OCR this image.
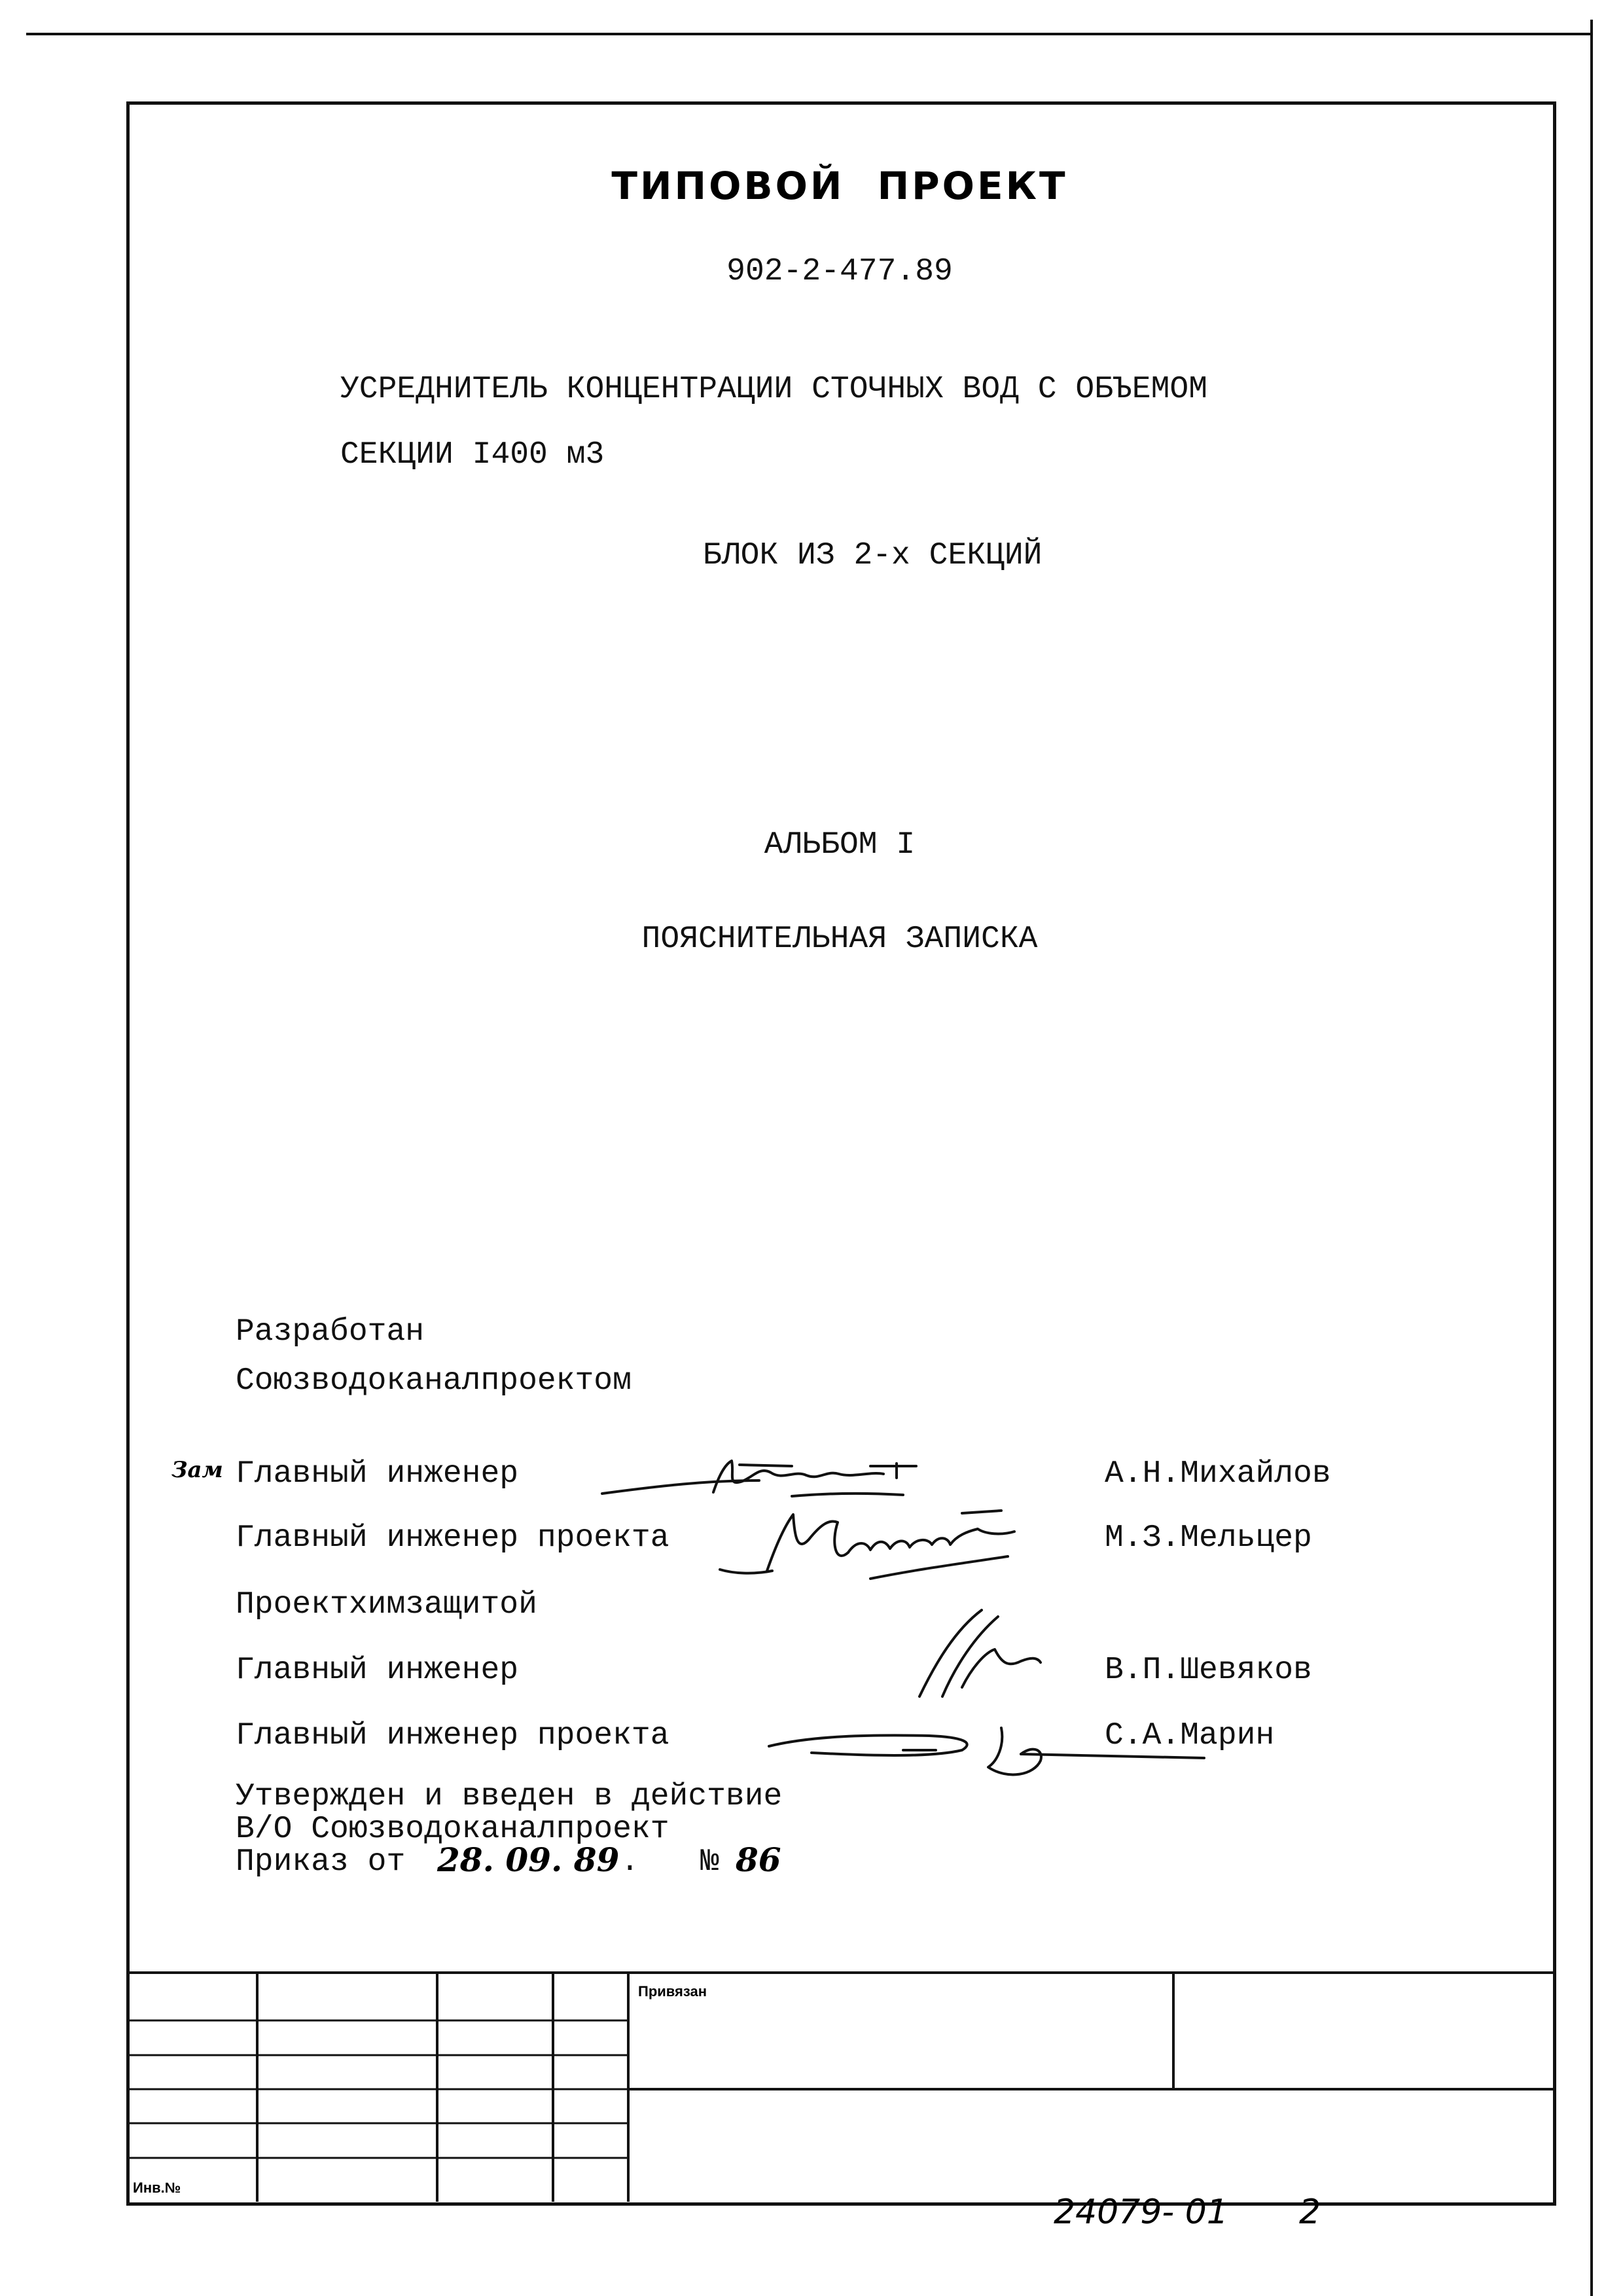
ТИПОВОЙ ПРОЕКТ
902-2-477.89
УСРЕДНИТЕЛЬ КОНЦЕНТРАЦИИ СТОЧНЫХ ВОД С ОБЪЕМОМ
СЕКЦИИ I400 м3
БЛОК ИЗ 2-х СЕКЦИЙ
АЛЬБОМ I
ПОЯСНИТЕЛЬНАЯ ЗАПИСКА
Разработан
Союзводоканалпроектом
Зам Главный инженер	А.Н.Михайлов
Главный инженер проекта	М.З.Мельцер
Проектхимзащитой
Главный инженер	В.П.Шевяков
Главный инженер проекта	С.А.Марин
Утвержден и введен в действие
В/О Союзводоканалпроект
Приказ от 28. 09. 89 . № 86
Привязан
Инв.№
24079- 01 2
